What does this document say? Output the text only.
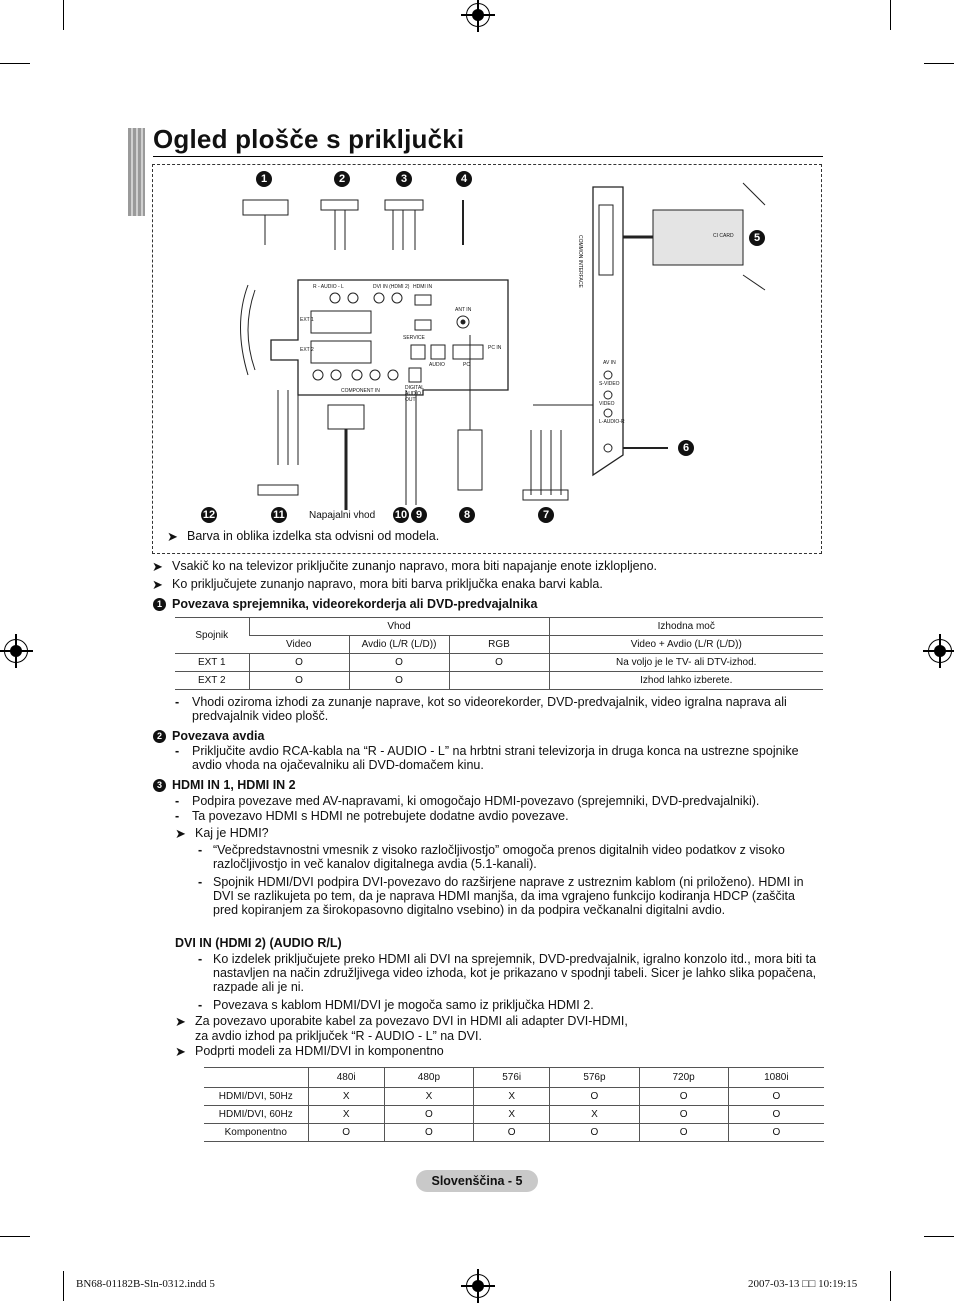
Ogled plošče s priključki
1	2	3	4
5
6
7
8
9
10
11
12
R - AUDIO - L	DVI IN (HDMI 2) HDMI IN
ANT IN
EXT 1
EXT 2
SERVICE
PC IN
AUDIO	PC
COMPONENT IN	DIGITAL AUDIO OUT
AV IN
S-VIDEO
VIDEO
L-AUDIO-R
COMMON INTERFACE	CI CARD
Napajalni vhod
➤ Barva in oblika izdelka sta odvisni od modela.
➤ Vsakič ko na televizor priključite zunanjo napravo, mora biti napajanje enote izklopljeno.
➤ Ko priključujete zunanjo napravo, mora biti barva priključka enaka barvi kabla.
1 Povezava sprejemnika, videorekorderja ali DVD-predvajalnika
Spojnik	Vhod			Izhodna moč
	Video	Avdio (L/R (L/D))	RGB	Video + Avdio (L/R (L/D))
EXT 1	O	O	O	Na voljo je le TV- ali DTV-izhod.
EXT 2	O	O		Izhod lahko izberete.
- Vhodi oziroma izhodi za zunanje naprave, kot so videorekorder, DVD-predvajalnik, video igralna naprava ali predvajalnik video plošč.
2 Povezava avdia
- Priključite avdio RCA-kabla na “R - AUDIO - L” na hrbtni strani televizorja in druga konca na ustrezne spojnike avdio vhoda na ojačevalniku ali DVD-domačem kinu.
3 HDMI IN 1, HDMI IN 2
- Podpira povezave med AV-napravami, ki omogočajo HDMI-povezavo (sprejemniki, DVD-predvajalniki).
- Ta povezavo HDMI s HDMI ne potrebujete dodatne avdio povezave.
➤ Kaj je HDMI?
- “Večpredstavnostni vmesnik z visoko razločljivostjo” omogoča prenos digitalnih video podatkov z visoko razločljivostjo in več kanalov digitalnega avdia (5.1-kanali).
- Spojnik HDMI/DVI podpira DVI-povezavo do razširjene naprave z ustreznim kablom (ni priloženo). HDMI in DVI se razlikujeta po tem, da je naprava HDMI manjša, da ima vgrajeno funkcijo kodiranja HDCP (zaščita pred kopiranjem za širokopasovno digitalno vsebino) in da podpira večkanalni digitalni avdio.
DVI IN (HDMI 2) (AUDIO R/L)
- Ko izdelek priključujete preko HDMI ali DVI na sprejemnik, DVD-predvajalnik, igralno konzolo itd., mora biti ta nastavljen na način združljivega video izhoda, kot je prikazano v spodnji tabeli. Sicer je lahko slika popačena, razpade ali je ni.
- Povezava s kablom HDMI/DVI je mogoča samo iz priključka HDMI 2.
➤ Za povezavo uporabite kabel za povezavo DVI in HDMI ali adapter DVI-HDMI,
za avdio izhod pa priključek “R - AUDIO - L” na DVI.
➤ Podprti modeli za HDMI/DVI in komponentno
	480i	480p	576i	576p	720p	1080i
HDMI/DVI, 50Hz	X	X	X	O	O	O
HDMI/DVI, 60Hz	X	O	X	X	O	O
Komponentno	O	O	O	O	O	O
Slovenščina - 5
BN68-01182B-Sln-0312.indd 5	2007-03-13 □□ 10:19:15
